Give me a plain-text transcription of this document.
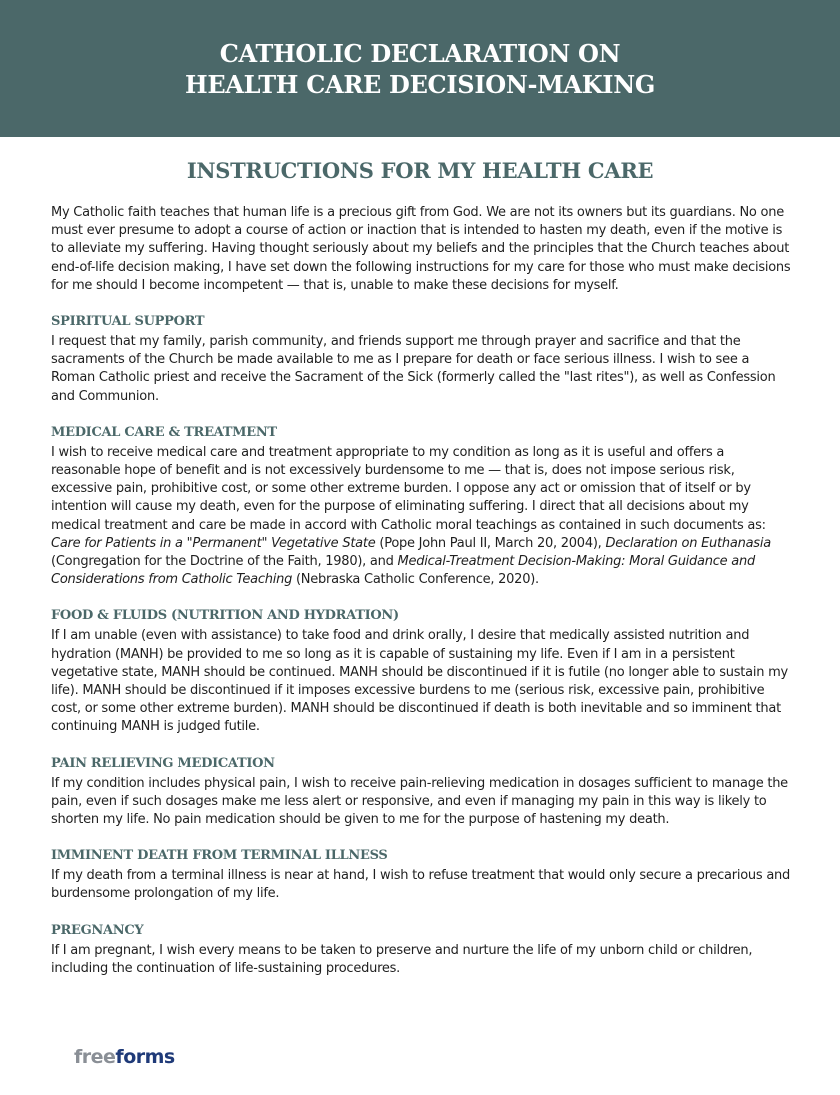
CATHOLIC DECLARATION ON
HEALTH CARE DECISION-MAKING
INSTRUCTIONS FOR MY HEALTH CARE

My Catholic faith teaches that human life is a precious gift from God. We are not its owners but its guardians. No one must ever presume to adopt a course of action or inaction that is intended to hasten my death, even if the motive is to alleviate my suffering. Having thought seriously about my beliefs and the principles that the Church teaches about end-of-life decision making, I have set down the following instructions for my care for those who must make decisions for me should I become incompetent — that is, unable to make these decisions for myself.

SPIRITUAL SUPPORT

I request that my family, parish community, and friends support me through prayer and sacrifice and that the sacraments of the Church be made available to me as I prepare for death or face serious illness. I wish to see a Roman Catholic priest and receive the Sacrament of the Sick (formerly called the "last rites"), as well as Confession and Communion.

MEDICAL CARE & TREATMENT

I wish to receive medical care and treatment appropriate to my condition as long as it is useful and offers a reasonable hope of benefit and is not excessively burdensome to me — that is, does not impose serious risk, excessive pain, prohibitive cost, or some other extreme burden. I oppose any act or omission that of itself or by intention will cause my death, even for the purpose of eliminating suffering. I direct that all decisions about my medical treatment and care be made in accord with Catholic moral teachings as contained in such documents as: Care for Patients in a "Permanent" Vegetative State (Pope John Paul II, March 20, 2004), Declaration on Euthanasia (Congregation for the Doctrine of the Faith, 1980), and Medical-Treatment Decision-Making: Moral Guidance and Considerations from Catholic Teaching (Nebraska Catholic Conference, 2020).

FOOD & FLUIDS (NUTRITION AND HYDRATION)

If I am unable (even with assistance) to take food and drink orally, I desire that medically assisted nutrition and hydration (MANH) be provided to me so long as it is capable of sustaining my life. Even if I am in a persistent vegetative state, MANH should be continued. MANH should be discontinued if it is futile (no longer able to sustain my life). MANH should be discontinued if it imposes excessive burdens to me (serious risk, excessive pain, prohibitive cost, or some other extreme burden). MANH should be discontinued if death is both inevitable and so imminent that continuing MANH is judged futile.

PAIN RELIEVING MEDICATION

If my condition includes physical pain, I wish to receive pain-relieving medication in dosages sufficient to manage the pain, even if such dosages make me less alert or responsive, and even if managing my pain in this way is likely to shorten my life. No pain medication should be given to me for the purpose of hastening my death.

IMMINENT DEATH FROM TERMINAL ILLNESS

If my death from a terminal illness is near at hand, I wish to refuse treatment that would only secure a precarious and burdensome prolongation of my life.

PREGNANCY

If I am pregnant, I wish every means to be taken to preserve and nurture the life of my unborn child or children, including the continuation of life-sustaining procedures.

freeforms
